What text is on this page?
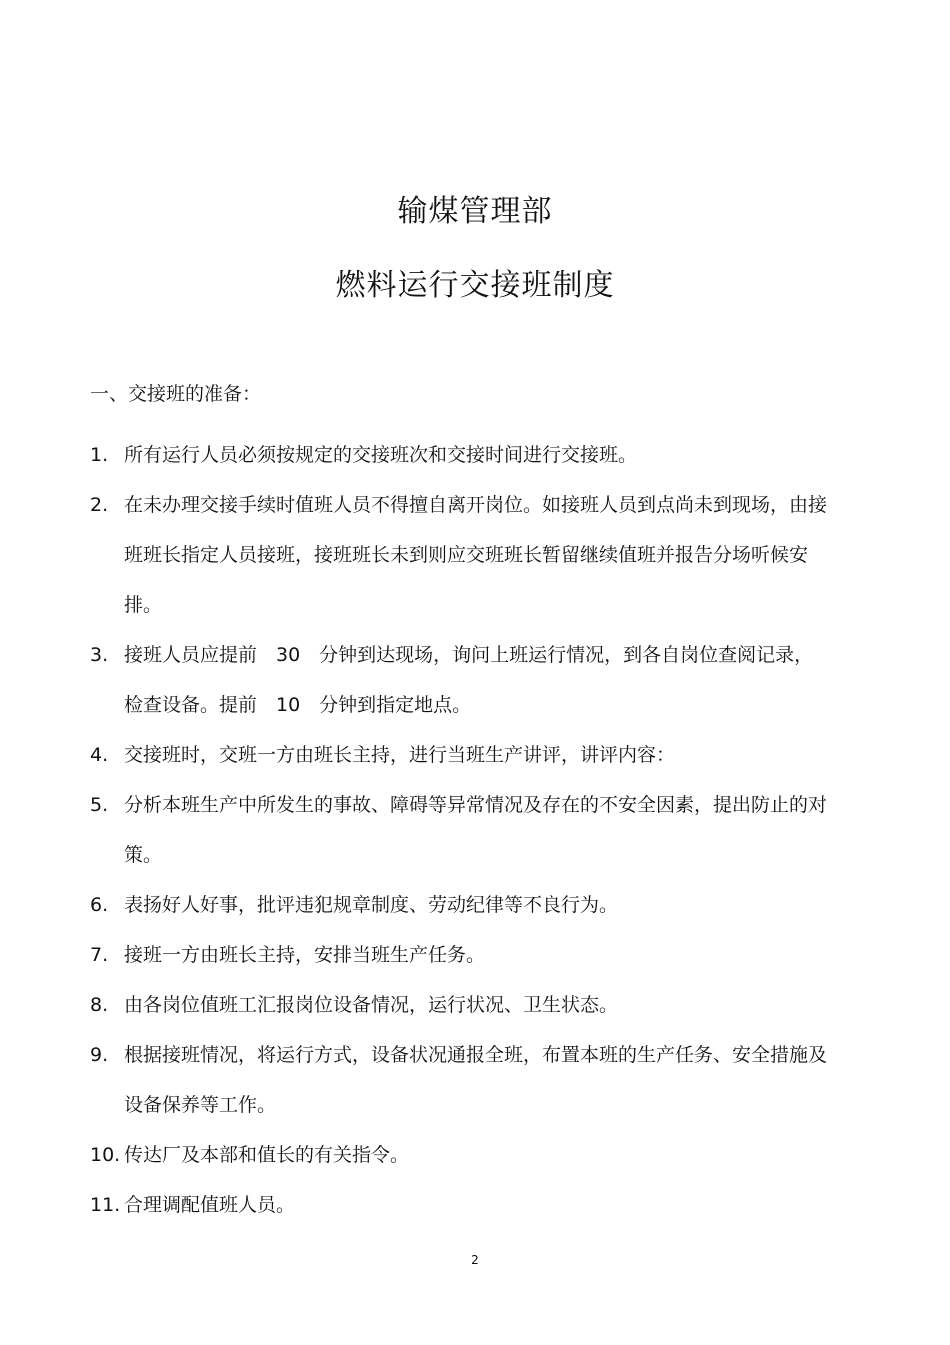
输煤管理部
燃料运行交接班制度
一、交接班的准备：
1. 所有运行人员必须按规定的交接班次和交接时间进行交接班。
2. 在未办理交接手续时值班人员不得擅自离开岗位。如接班人员到点尚未到现场，由接班班长指定人员接班，接班班长未到则应交班班长暂留继续值班并报告分场听候安排。
3. 接班人员应提前　30　分钟到达现场，询问上班运行情况，到各自岗位查阅记录，检查设备。提前　10　分钟到指定地点。
4. 交接班时，交班一方由班长主持，进行当班生产讲评，讲评内容：
5. 分析本班生产中所发生的事故、障碍等异常情况及存在的不安全因素，提出防止的对策。
6. 表扬好人好事，批评违犯规章制度、劳动纪律等不良行为。
7. 接班一方由班长主持，安排当班生产任务。
8. 由各岗位值班工汇报岗位设备情况，运行状况、卫生状态。
9. 根据接班情况，将运行方式，设备状况通报全班，布置本班的生产任务、安全措施及设备保养等工作。
10. 传达厂及本部和值长的有关指令。
11. 合理调配值班人员。
2
